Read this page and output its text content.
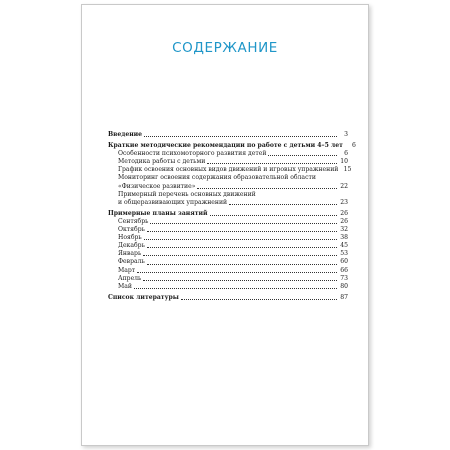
СОДЕРЖАНИЕ
Введение	3
Краткие методические рекомендации по работе с детьми 4–5 лет	6
Особенности психомоторного развития детей	6
Методика работы с детьми	10
График освоения основных видов движений и игровых упражнений 15
Мониторинг освоения содержания образовательной области
«Физическое развитие»	22
Примерный перечень основных движений
и общеразвивающих упражнений	23
Примерные планы занятий	26
Сентябрь	26
Октябрь	32
Ноябрь	38
Декабрь	45
Январь	53
Февраль	60
Март	66
Апрель	73
Май	80
Список литературы	87
